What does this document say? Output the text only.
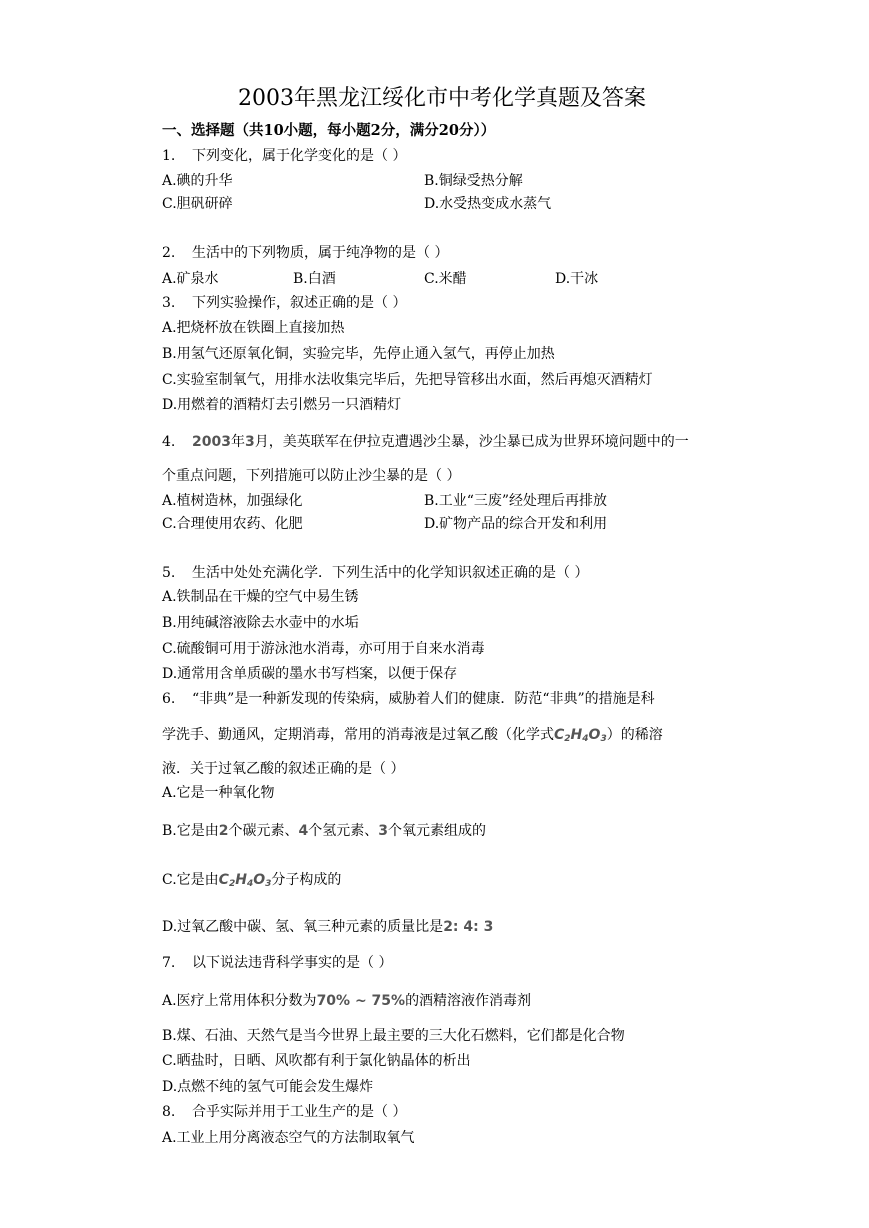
2003年黑龙江绥化市中考化学真题及答案
一、选择题（共10小题，每小题2分，满分20分））
1. 下列变化，属于化学变化的是（ ）
A.碘的升华	B.铜绿受热分解
C.胆矾研碎	D.水受热变成水蒸气
2. 生活中的下列物质，属于纯净物的是（ ）
A.矿泉水	B.白酒	C.米醋	D.干冰
3. 下列实验操作，叙述正确的是（ ）
A.把烧杯放在铁圈上直接加热
B.用氢气还原氧化铜，实验完毕，先停止通入氢气，再停止加热
C.实验室制氧气，用排水法收集完毕后，先把导管移出水面，然后再熄灭酒精灯
D.用燃着的酒精灯去引燃另一只酒精灯
4. 2003年3月，美英联军在伊拉克遭遇沙尘暴，沙尘暴已成为世界环境问题中的一
个重点问题，下列措施可以防止沙尘暴的是（ ）
A.植树造林，加强绿化	B.工业“三废”经处理后再排放
C.合理使用农药、化肥	D.矿物产品的综合开发和利用
5. 生活中处处充满化学．下列生活中的化学知识叙述正确的是（ ）
A.铁制品在干燥的空气中易生锈
B.用纯碱溶液除去水壶中的水垢
C.硫酸铜可用于游泳池水消毒，亦可用于自来水消毒
D.通常用含单质碳的墨水书写档案，以便于保存
6. “非典”是一种新发现的传染病，威胁着人们的健康．防范“非典”的措施是科
学洗手、勤通风，定期消毒，常用的消毒液是过氧乙酸（化学式$C_2H_4O_3$）的稀溶
液．关于过氧乙酸的叙述正确的是（ ）
A.它是一种氧化物
B.它是由2个碳元素、4个氢元素、3个氧元素组成的
C.它是由$C_2H_4O_3$分子构成的
D.过氧乙酸中碳、氢、氧三种元素的质量比是2: 4: 3
7. 以下说法违背科学事实的是（ ）
A.医疗上常用体积分数为70% ~ 75%的酒精溶液作消毒剂
B.煤、石油、天然气是当今世界上最主要的三大化石燃料，它们都是化合物
C.晒盐时，日晒、风吹都有利于氯化钠晶体的析出
D.点燃不纯的氢气可能会发生爆炸
8. 合乎实际并用于工业生产的是（ ）
A.工业上用分离液态空气的方法制取氧气
